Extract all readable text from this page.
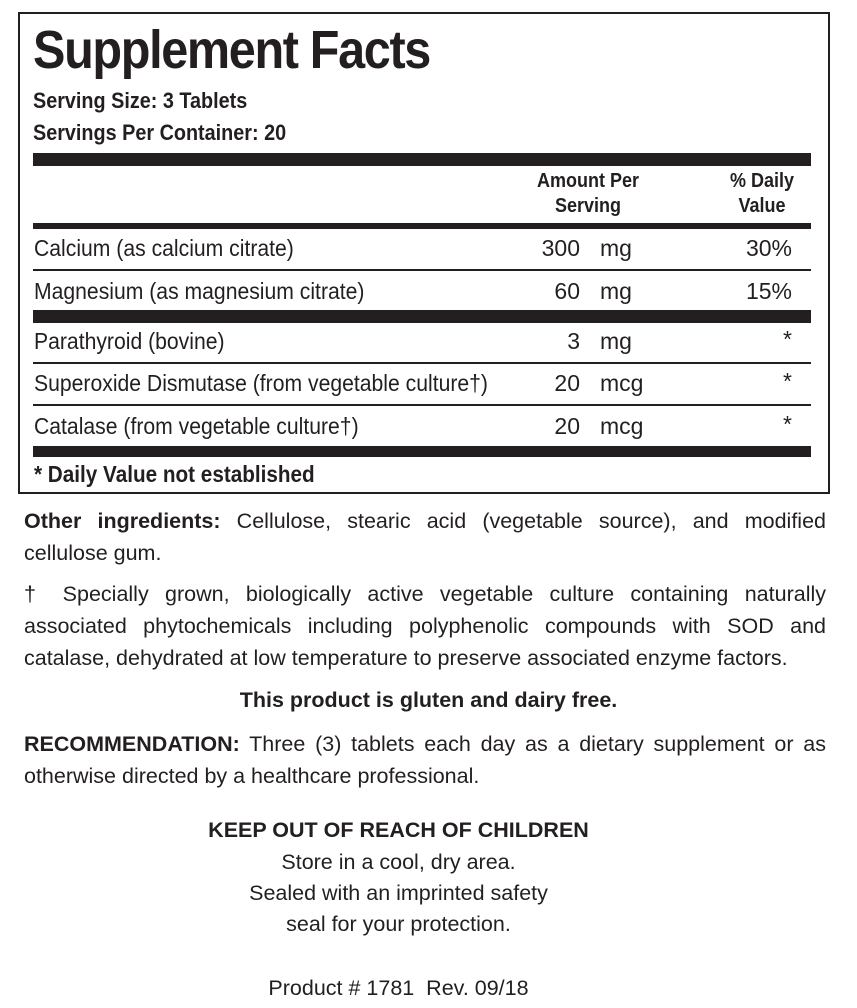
Supplement Facts
Serving Size: 3 Tablets
Servings Per Container: 20
Amount Per
Serving
% Daily
Value
Calcium (as calcium citrate)	300 mg	30%
Magnesium (as magnesium citrate)	60 mg	15%
Parathyroid (bovine)	3 mg	*
Superoxide Dismutase (from vegetable culture†)	20 mcg	*
Catalase (from vegetable culture†)	20 mcg	*
* Daily Value not established
Other ingredients: Cellulose, stearic acid (vegetable source), and modified cellulose gum.
† Specially grown, biologically active vegetable culture containing naturally associated phytochemicals including polyphenolic compounds with SOD and catalase, dehydrated at low temperature to preserve associated enzyme factors.
This product is gluten and dairy free.
RECOMMENDATION: Three (3) tablets each day as a dietary supplement or as otherwise directed by a healthcare professional.
KEEP OUT OF REACH OF CHILDREN
Store in a cool, dry area.
Sealed with an imprinted safety
seal for your protection.
Product # 1781  Rev. 09/18
